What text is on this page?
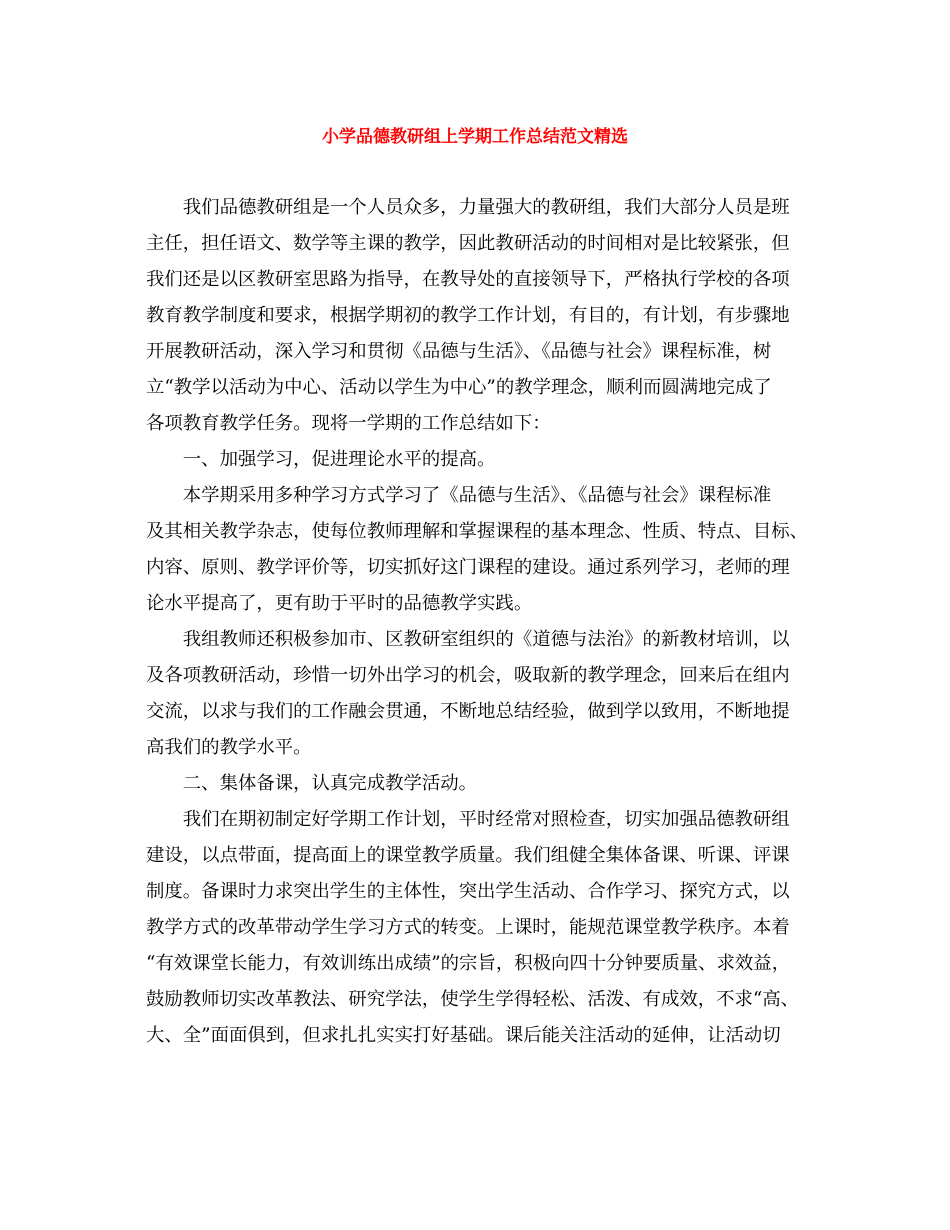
小学品德教研组上学期工作总结范文精选
　　我们品德教研组是一个人员众多，力量强大的教研组，我们大部分人员是班
主任，担任语文、数学等主课的教学，因此教研活动的时间相对是比较紧张，但
我们还是以区教研室思路为指导，在教导处的直接领导下，严格执行学校的各项
教育教学制度和要求，根据学期初的教学工作计划，有目的，有计划，有步骤地
开展教研活动，深入学习和贯彻《品德与生活》、《品德与社会》课程标准，树
立“教学以活动为中心、活动以学生为中心”的教学理念，顺利而圆满地完成了
各项教育教学任务。现将一学期的工作总结如下：
　　一、加强学习，促进理论水平的提高。
　　本学期采用多种学习方式学习了《品德与生活》、《品德与社会》课程标准
及其相关教学杂志，使每位教师理解和掌握课程的基本理念、性质、特点、目标、
内容、原则、教学评价等，切实抓好这门课程的建设。通过系列学习，老师的理
论水平提高了，更有助于平时的品德教学实践。
　　我组教师还积极参加市、区教研室组织的《道德与法治》的新教材培训，以
及各项教研活动，珍惜一切外出学习的机会，吸取新的教学理念，回来后在组内
交流，以求与我们的工作融会贯通，不断地总结经验，做到学以致用，不断地提
高我们的教学水平。
　　二、集体备课，认真完成教学活动。
　　我们在期初制定好学期工作计划，平时经常对照检查，切实加强品德教研组
建设，以点带面，提高面上的课堂教学质量。我们组健全集体备课、听课、评课
制度。备课时力求突出学生的主体性，突出学生活动、合作学习、探究方式，以
教学方式的改革带动学生学习方式的转变。上课时，能规范课堂教学秩序。本着
“有效课堂长能力，有效训练出成绩”的宗旨，积极向四十分钟要质量、求效益，
鼓励教师切实改革教法、研究学法，使学生学得轻松、活泼、有成效，不求“高、
大、全”面面俱到，但求扎扎实实打好基础。课后能关注活动的延伸，让活动切
